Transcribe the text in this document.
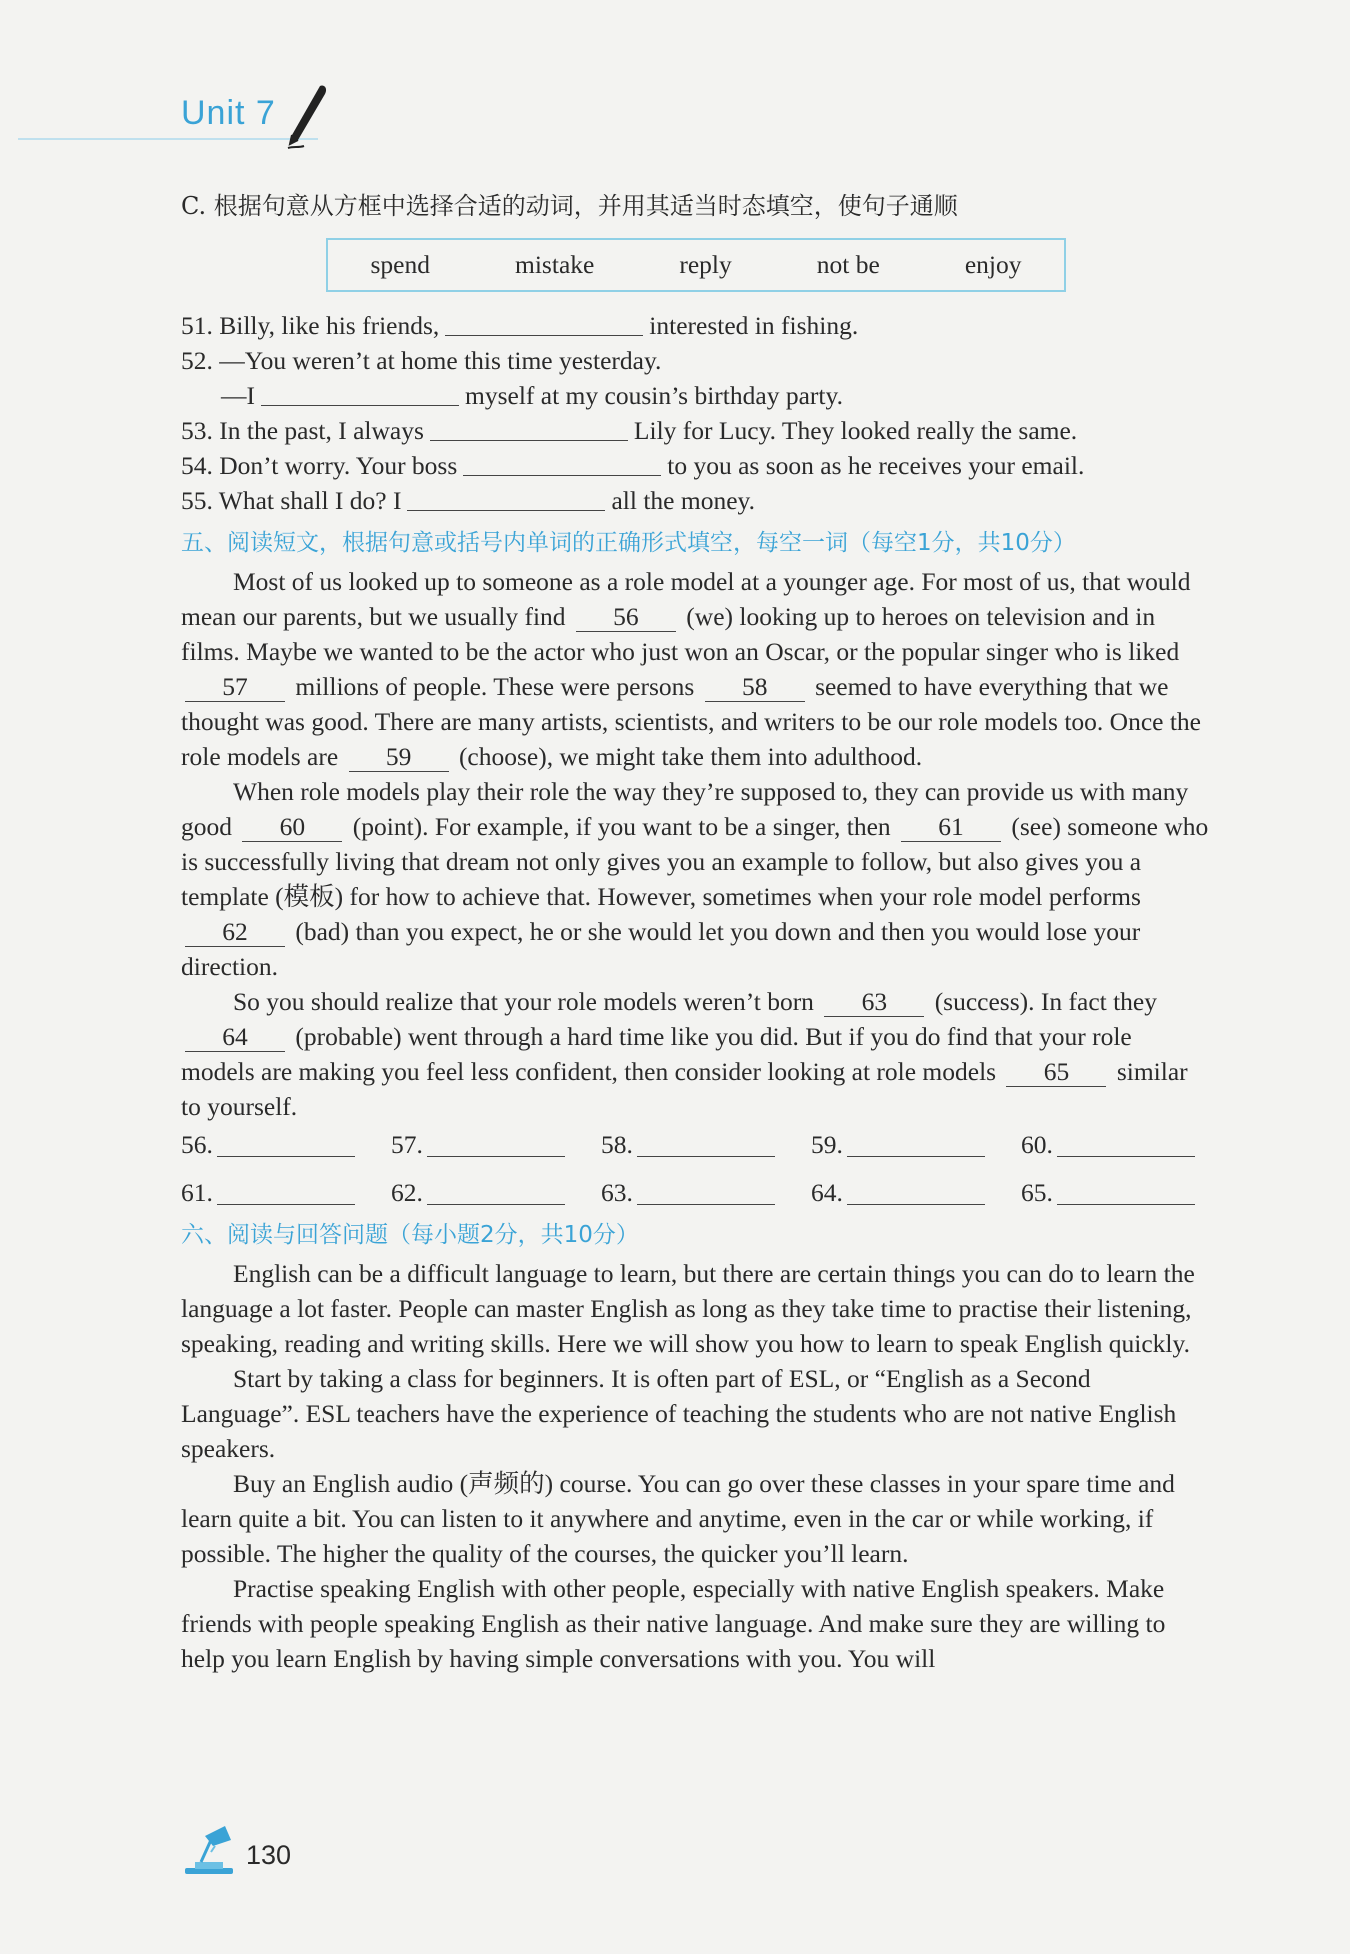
Unit 7
C. 根据句意从方框中选择合适的动词，并用其适当时态填空，使句子通顺
spend	mistake	reply	not be	enjoy
51. Billy, like his friends,	interested in fishing.
52. —You weren’t at home this time yesterday.
—I	myself at my cousin’s birthday party.
53. In the past, I always	Lily for Lucy. They looked really the same.
54. Don’t worry. Your boss	to you as soon as he receives your email.
55. What shall I do? I	all the money.
五、阅读短文，根据句意或括号内单词的正确形式填空，每空一词（每空1分，共10分）
Most of us looked up to someone as a role model at a younger age. For most of us, that would mean our parents, but we usually find 56 (we) looking up to heroes on television and in films. Maybe we wanted to be the actor who just won an Oscar, or the popular singer who is liked 57 millions of people. These were persons 58 seemed to have everything that we thought was good. There are many artists, scientists, and writers to be our role models too. Once the role models are 59 (choose), we might take them into adulthood.
When role models play their role the way they’re supposed to, they can provide us with many good 60 (point). For example, if you want to be a singer, then 61 (see) someone who is successfully living that dream not only gives you an example to follow, but also gives you a template (模板) for how to achieve that. However, sometimes when your role model performs 62 (bad) than you expect, he or she would let you down and then you would lose your direction.
So you should realize that your role models weren’t born 63 (success). In fact they 64 (probable) went through a hard time like you did. But if you do find that your role models are making you feel less confident, then consider looking at role models 65 similar to yourself.
56.	57.	58.	59.	60.
61.	62.	63.	64.	65.
六、阅读与回答问题（每小题2分，共10分）
English can be a difficult language to learn, but there are certain things you can do to learn the language a lot faster. People can master English as long as they take time to practise their listening, speaking, reading and writing skills. Here we will show you how to learn to speak English quickly.
Start by taking a class for beginners. It is often part of ESL, or “English as a Second Language”. ESL teachers have the experience of teaching the students who are not native English speakers.
Buy an English audio (声频的) course. You can go over these classes in your spare time and learn quite a bit. You can listen to it anywhere and anytime, even in the car or while working, if possible. The higher the quality of the courses, the quicker you’ll learn.
Practise speaking English with other people, especially with native English speakers. Make friends with people speaking English as their native language. And make sure they are willing to help you learn English by having simple conversations with you. You will
130
